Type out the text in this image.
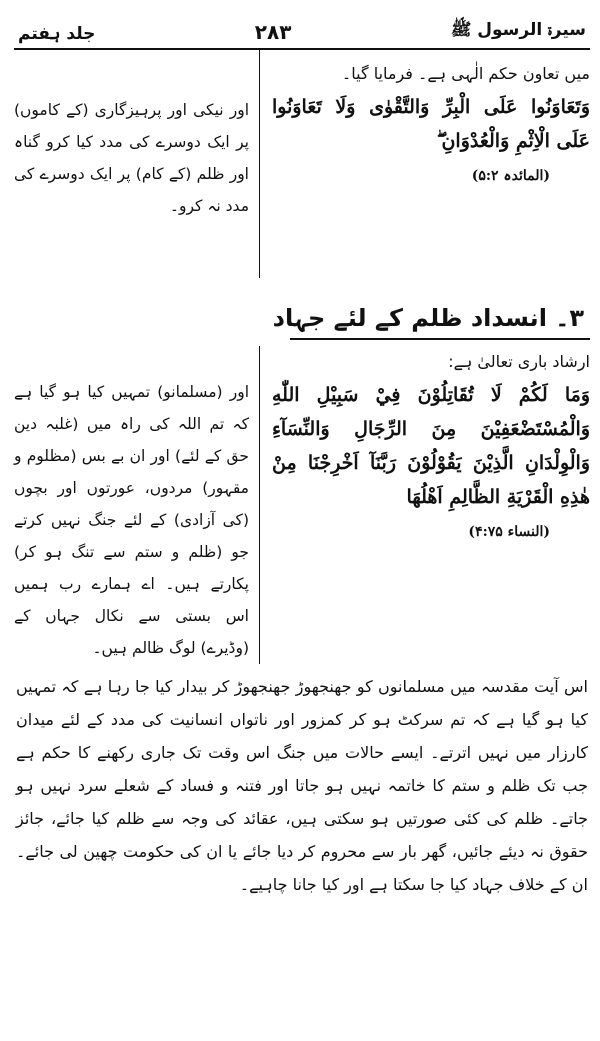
سیرۃ الرسول ﷺ
۲۸۳
جلد ہفتم

میں تعاون حکم الٰہی ہے۔ فرمایا گیا۔

وَتَعَاوَنُوا عَلَى الْبِرِّ وَالتَّقْوٰى وَلَا تَعَاوَنُوا عَلَى الْاِثْمِ وَالْعُدْوَانِ ۖ

(المائدہ ۵:۲)

اور نیکی اور پرہیزگاری (کے کاموں) پر ایک دوسرے کی مدد کیا کرو گناہ اور ظلم (کے کام) پر ایک دوسرے کی مدد نہ کرو۔

۳۔ انسداد ظلم کے لئے جہاد

ارشاد باری تعالیٰ ہے:

وَمَا لَكُمْ لَا تُقَاتِلُوْنَ فِيْ سَبِيْلِ اللّٰهِ وَالْمُسْتَضْعَفِيْنَ مِنَ الرِّجَالِ وَالنِّسَآءِ وَالْوِلْدَانِ الَّذِيْنَ يَقُوْلُوْنَ رَبَّنَآ اَخْرِجْنَا مِنْ هٰذِهِ الْقَرْيَةِ الظَّالِمِ اَهْلُهَا

(النساء ۴:۷۵)

اور (مسلمانو) تمہیں کیا ہو گیا ہے کہ تم اللہ کی راہ میں (غلبہ دین حق کے لئے) اور ان بے بس (مظلوم و مقہور) مردوں، عورتوں اور بچوں (کی آزادی) کے لئے جنگ نہیں کرتے جو (ظلم و ستم سے تنگ ہو کر) پکارتے ہیں۔ اے ہمارے رب ہمیں اس بستی سے نکال جہاں کے (وڈیرے) لوگ ظالم ہیں۔

اس آیت مقدسہ میں مسلمانوں کو جھنجھوڑ جھنجھوڑ کر بیدار کیا جا رہا ہے کہ تمہیں کیا ہو گیا ہے کہ تم سرکٹ ہو کر کمزور اور ناتواں انسانیت کی مدد کے لئے میدان کارزار میں نہیں اترتے۔ ایسے حالات میں جنگ اس وقت تک جاری رکھنے کا حکم ہے جب تک ظلم و ستم کا خاتمہ نہیں ہو جاتا اور فتنہ و فساد کے شعلے سرد نہیں ہو جاتے۔ ظلم کی کئی صورتیں ہو سکتی ہیں، عقائد کی وجہ سے ظلم کیا جائے، جائز حقوق نہ دیئے جائیں، گھر بار سے محروم کر دیا جائے یا ان کی حکومت چھین لی جائے۔ ان کے خلاف جہاد کیا جا سکتا ہے اور کیا جانا چاہیے۔
